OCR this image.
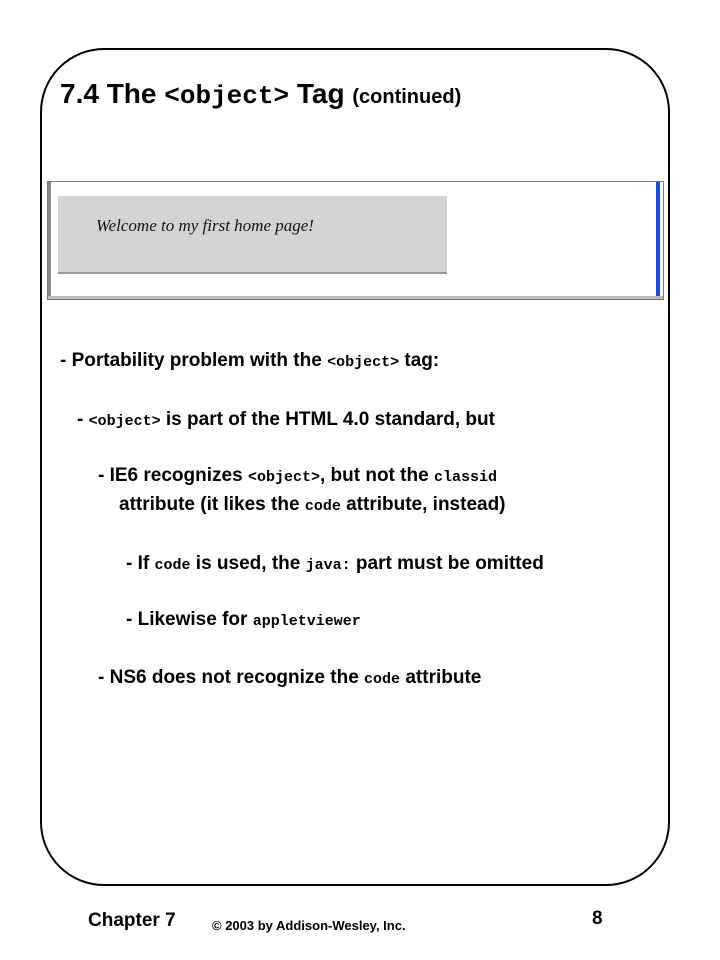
7.4 The <object> Tag (continued)
Welcome to my first home page!

- Portability problem with the <object> tag:

- <object> is part of the HTML 4.0 standard, but

- IE6 recognizes <object>, but not the classid

attribute (it likes the code attribute, instead)

- If code is used, the java: part must be omitted

- Likewise for appletviewer

- NS6 does not recognize the code attribute

Chapter 7	© 2003 by Addison-Wesley, Inc.	8
